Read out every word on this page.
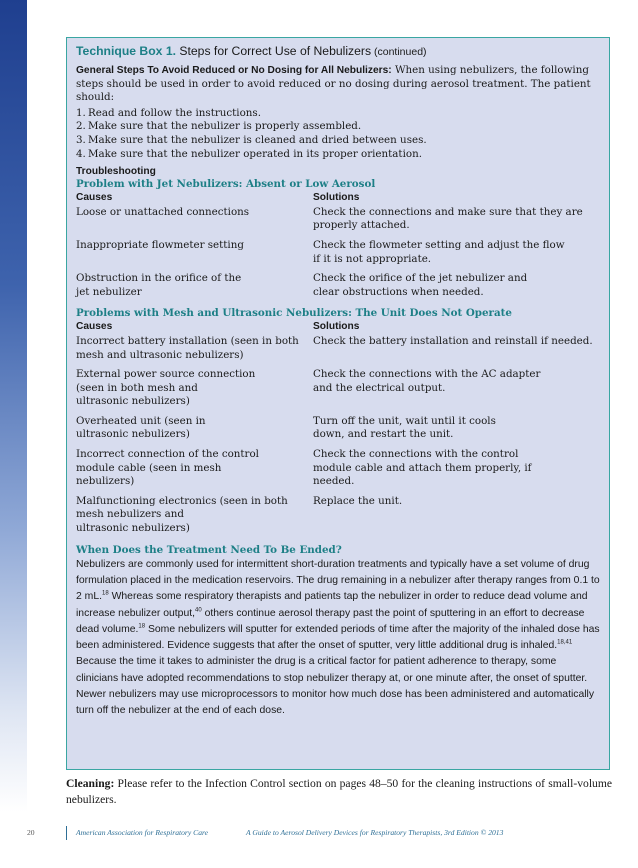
Technique Box 1. Steps for Correct Use of Nebulizers (continued)

General Steps To Avoid Reduced or No Dosing for All Nebulizers: When using nebulizers, the following steps should be used in order to avoid reduced or no dosing during aerosol treatment. The patient should:

1. Read and follow the instructions.
2. Make sure that the nebulizer is properly assembled.
3. Make sure that the nebulizer is cleaned and dried between uses.
4. Make sure that the nebulizer operated in its proper orientation.
Troubleshooting
Problem with Jet Nebulizers: Absent or Low Aerosol
Causes	Solutions
Loose or unattached connections	Check the connections and make sure that they are properly attached.
Inappropriate flowmeter setting	Check the flowmeter setting and adjust the flow
if it is not appropriate.
Obstruction in the orifice of the
jet nebulizer	Check the orifice of the jet nebulizer and
clear obstructions when needed.
Problems with Mesh and Ultrasonic Nebulizers: The Unit Does Not Operate
Causes	Solutions
Incorrect battery installation (seen in both mesh and ultrasonic nebulizers)	Check the battery installation and reinstall if needed.
External power source connection
(seen in both mesh and
ultrasonic nebulizers)	Check the connections with the AC adapter
and the electrical output.
Overheated unit (seen in
ultrasonic nebulizers)	Turn off the unit, wait until it cools
down, and restart the unit.
Incorrect connection of the control
module cable (seen in mesh
nebulizers)	Check the connections with the control
module cable and attach them properly, if
needed.
Malfunctioning electronics (seen in both
mesh nebulizers and
ultrasonic nebulizers)	Replace the unit.
When Does the Treatment Need To Be Ended?

Nebulizers are commonly used for intermittent short-duration treatments and typically have a set volume of drug formulation placed in the medication reservoirs. The drug remaining in a nebulizer after therapy ranges from 0.1 to 2 mL.$^{18}$ Whereas some respiratory therapists and patients tap the nebulizer in order to reduce dead volume and increase nebulizer output,$^{40}$ others continue aerosol therapy past the point of sputtering in an effort to decrease dead volume.$^{18}$ Some nebulizers will sputter for extended periods of time after the majority of the inhaled dose has been administered. Evidence suggests that after the onset of sputter, very little additional drug is inhaled.$^{18,41}$ Because the time it takes to administer the drug is a critical factor for patient adherence to therapy, some clinicians have adopted recommendations to stop nebulizer therapy at, or one minute after, the onset of sputter. Newer nebulizers may use microprocessors to monitor how much dose has been administered and automatically turn off the nebulizer at the end of each dose.

Cleaning: Please refer to the Infection Control section on pages 48–50 for the cleaning instructions of small-volume nebulizers.

20	American Association for Respiratory Care	A Guide to Aerosol Delivery Devices for Respiratory Therapists, 3rd Edition © 2013
